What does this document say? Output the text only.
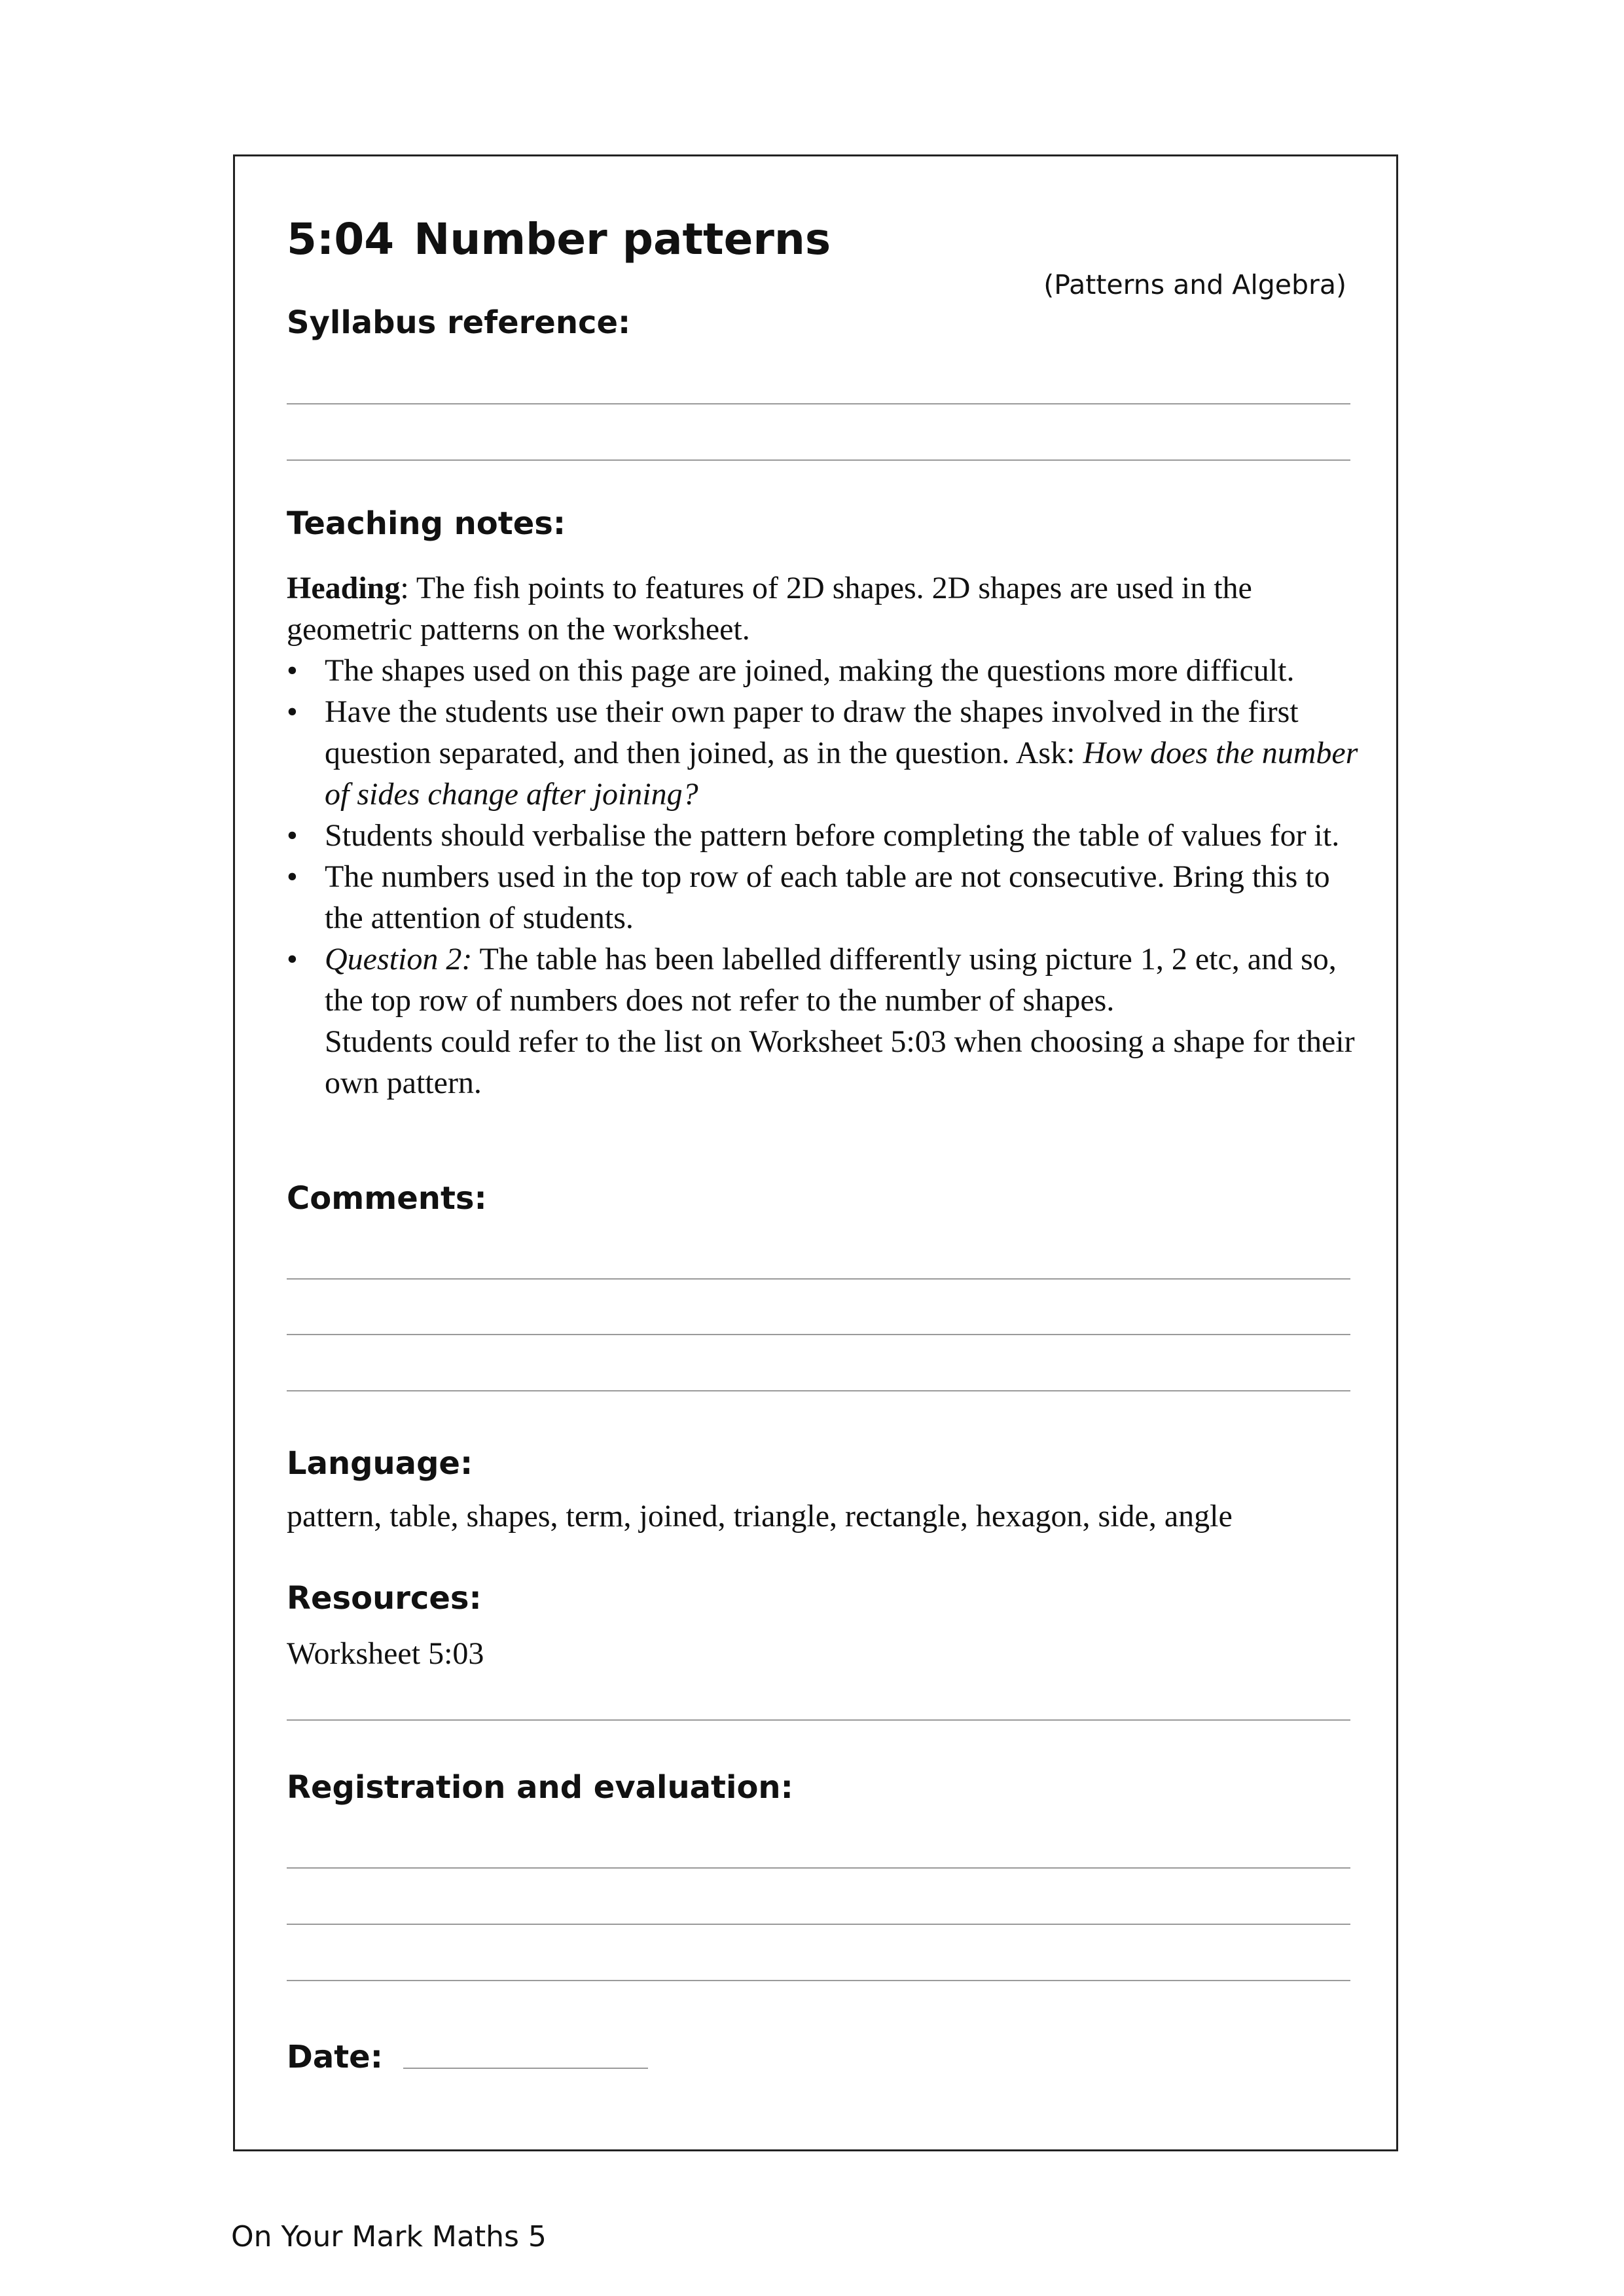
5:04 Number patterns
(Patterns and Algebra)
Syllabus reference:
Teaching notes:

Heading: The fish points to features of 2D shapes. 2D shapes are used in the geometric patterns on the worksheet.

• The shapes used on this page are joined, making the questions more difficult.
• Have the students use their own paper to draw the shapes involved in the first question separated, and then joined, as in the question. Ask: How does the number of sides change after joining?
• Students should verbalise the pattern before completing the table of values for it.
• The numbers used in the top row of each table are not consecutive. Bring this to the attention of students.
• Question 2: The table has been labelled differently using picture 1, 2 etc, and so, the top row of numbers does not refer to the number of shapes.
Students could refer to the list on Worksheet 5:03 when choosing a shape for their own pattern.
Comments:
Language:
pattern, table, shapes, term, joined, triangle, rectangle, hexagon, side, angle
Resources:
Worksheet 5:03
Registration and evaluation:
Date:
On Your Mark Maths 5
